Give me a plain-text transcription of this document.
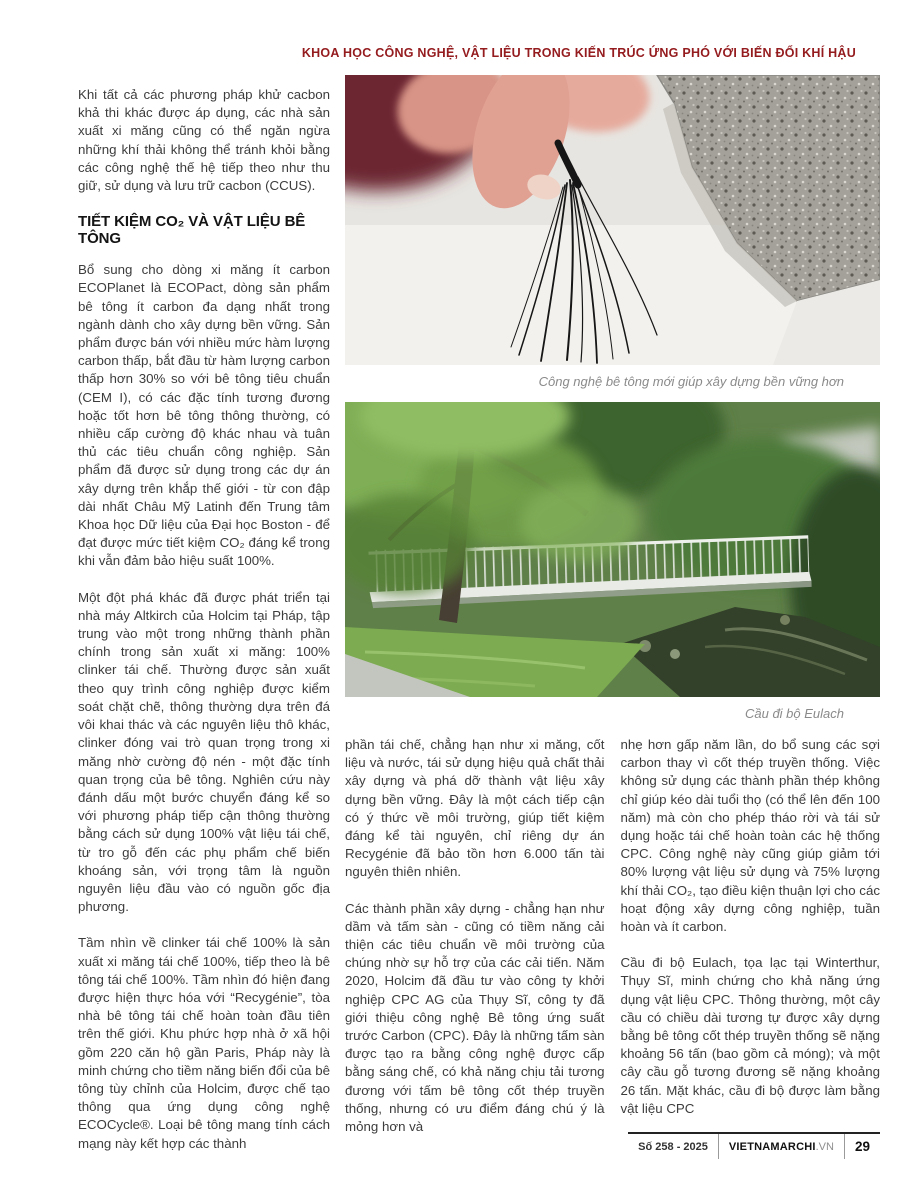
KHOA HỌC CÔNG NGHỆ, VẬT LIỆU TRONG KIẾN TRÚC ỨNG PHÓ VỚI BIẾN ĐỔI KHÍ HẬU

Khi tất cả các phương pháp khử cacbon khả thi khác được áp dụng, các nhà sản xuất xi măng cũng có thể ngăn ngừa những khí thải không thể tránh khỏi bằng các công nghệ thế hệ tiếp theo như thu giữ, sử dụng và lưu trữ cacbon (CCUS).

TIẾT KIỆM CO₂ VÀ VẬT LIỆU BÊ TÔNG

Bổ sung cho dòng xi măng ít carbon ECOPlanet là ECOPact, dòng sản phẩm bê tông ít carbon đa dạng nhất trong ngành dành cho xây dựng bền vững. Sản phẩm được bán với nhiều mức hàm lượng carbon thấp, bắt đầu từ hàm lượng carbon thấp hơn 30% so với bê tông tiêu chuẩn (CEM I), có các đặc tính tương đương hoặc tốt hơn bê tông thông thường, có nhiều cấp cường độ khác nhau và tuân thủ các tiêu chuẩn công nghiệp. Sản phẩm đã được sử dụng trong các dự án xây dựng trên khắp thế giới - từ con đập dài nhất Châu Mỹ Latinh đến Trung tâm Khoa học Dữ liệu của Đại học Boston - để đạt được mức tiết kiệm CO₂ đáng kể trong khi vẫn đảm bảo hiệu suất 100%.

Một đột phá khác đã được phát triển tại nhà máy Altkirch của Holcim tại Pháp, tập trung vào một trong những thành phần chính trong sản xuất xi măng: 100% clinker tái chế. Thường được sản xuất theo quy trình công nghiệp được kiểm soát chặt chẽ, thông thường dựa trên đá vôi khai thác và các nguyên liệu thô khác, clinker đóng vai trò quan trọng trong xi măng nhờ cường độ nén - một đặc tính quan trọng của bê tông. Nghiên cứu này đánh dấu một bước chuyển đáng kể so với phương pháp tiếp cận thông thường bằng cách sử dụng 100% vật liệu tái chế, từ tro gỗ đến các phụ phẩm chế biến khoáng sản, với trọng tâm là nguồn nguyên liệu đầu vào có nguồn gốc địa phương.

Tầm nhìn về clinker tái chế 100% là sản xuất xi măng tái chế 100%, tiếp theo là bê tông tái chế 100%. Tầm nhìn đó hiện đang được hiện thực hóa với “Recygénie”, tòa nhà bê tông tái chế hoàn toàn đầu tiên trên thế giới. Khu phức hợp nhà ở xã hội gồm 220 căn hộ gần Paris, Pháp này là minh chứng cho tiềm năng biến đổi của bê tông tùy chỉnh của Holcim, được chế tạo thông qua ứng dụng công nghệ ECOCycle®. Loại bê tông mang tính cách mạng này kết hợp các thành

Công nghệ bê tông mới giúp xây dựng bền vững hơn
Cầu đi bộ Eulach

phần tái chế, chẳng hạn như xi măng, cốt liệu và nước, tái sử dụng hiệu quả chất thải xây dựng và phá dỡ thành vật liệu xây dựng bền vững. Đây là một cách tiếp cận có ý thức về môi trường, giúp tiết kiệm đáng kể tài nguyên, chỉ riêng dự án Recygénie đã bảo tồn hơn 6.000 tấn tài nguyên thiên nhiên.

Các thành phần xây dựng - chẳng hạn như dầm và tấm sàn - cũng có tiềm năng cải thiện các tiêu chuẩn về môi trường của chúng nhờ sự hỗ trợ của các cải tiến. Năm 2020, Holcim đã đầu tư vào công ty khởi nghiệp CPC AG của Thụy Sĩ, công ty đã giới thiệu công nghệ Bê tông ứng suất trước Carbon (CPC). Đây là những tấm sàn được tạo ra bằng công nghệ được cấp bằng sáng chế, có khả năng chịu tải tương đương với tấm bê tông cốt thép truyền thống, nhưng có ưu điểm đáng chú ý là mỏng hơn và

nhẹ hơn gấp năm lần, do bổ sung các sợi carbon thay vì cốt thép truyền thống. Việc không sử dụng các thành phần thép không chỉ giúp kéo dài tuổi thọ (có thể lên đến 100 năm) mà còn cho phép tháo rời và tái sử dụng hoặc tái chế hoàn toàn các hệ thống CPC. Công nghệ này cũng giúp giảm tới 80% lượng vật liệu sử dụng và 75% lượng khí thải CO₂, tạo điều kiện thuận lợi cho các hoạt động xây dựng công nghiệp, tuần hoàn và ít carbon.

Cầu đi bộ Eulach, tọa lạc tại Winterthur, Thụy Sĩ, minh chứng cho khả năng ứng dụng vật liệu CPC. Thông thường, một cây cầu có chiều dài tương tự được xây dựng bằng bê tông cốt thép truyền thống sẽ nặng khoảng 56 tấn (bao gồm cả móng); và một cây cầu gỗ tương đương sẽ nặng khoảng 26 tấn. Mặt khác, cầu đi bộ được làm bằng vật liệu CPC

Số 258 - 2025	VIETNAMARCHI .VN	29
